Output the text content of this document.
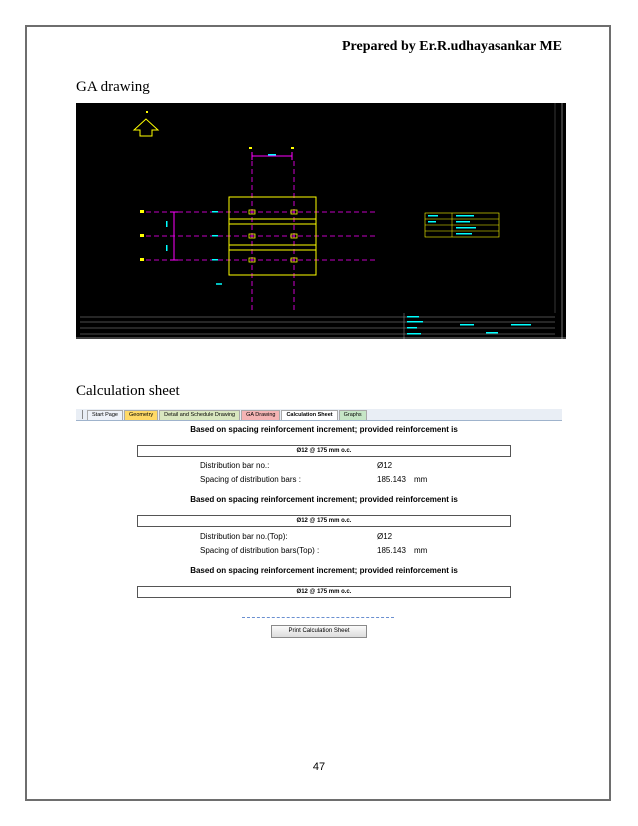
Prepared by Er.R.udhayasankar ME
GA drawing
Calculation sheet
Start Page	Geometry	Detail and Schedule Drawing	GA Drawing	Calculation Sheet	Graphs
Based on spacing reinforcement increment; provided reinforcement is
Ø12 @ 175 mm o.c.
Distribution bar no.:	Ø12
Spacing of distribution bars :	185.143 mm
Based on spacing reinforcement increment; provided reinforcement is
Ø12 @ 175 mm o.c.
Distribution bar no.(Top):	Ø12
Spacing of distribution bars(Top) :	185.143 mm
Based on spacing reinforcement increment; provided reinforcement is
Ø12 @ 175 mm o.c.
Print Calculation Sheet
47
